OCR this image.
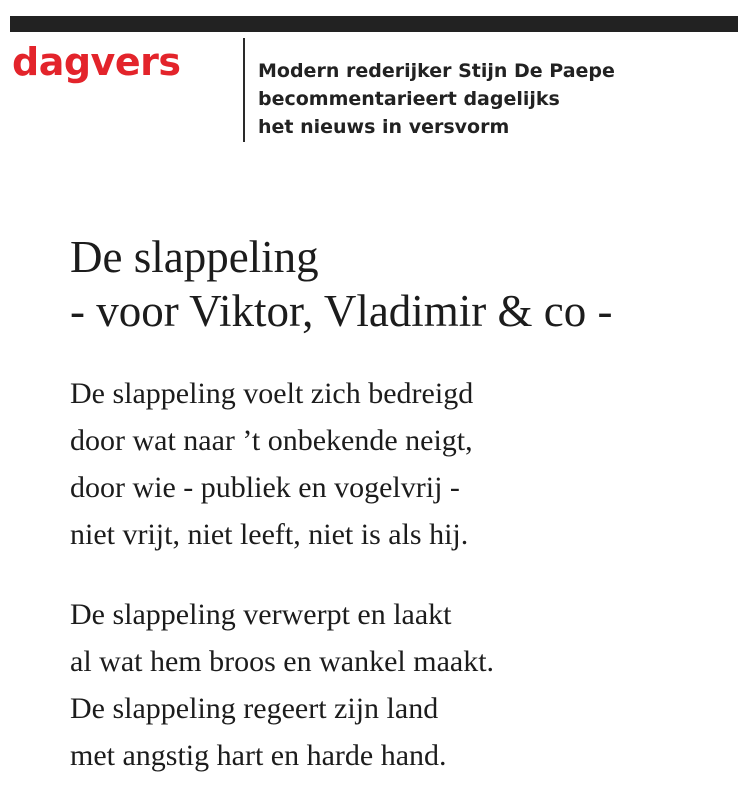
dagvers	Modern rederijker Stijn De Paepe
becommentarieert dagelijks
het nieuws in versvorm
De slappeling
- voor Viktor, Vladimir & co -
De slappeling voelt zich bedreigd
door wat naar ’t onbekende neigt,
door wie - publiek en vogelvrij -
niet vrijt, niet leeft, niet is als hij.
De slappeling verwerpt en laakt
al wat hem broos en wankel maakt.
De slappeling regeert zijn land
met angstig hart en harde hand.
